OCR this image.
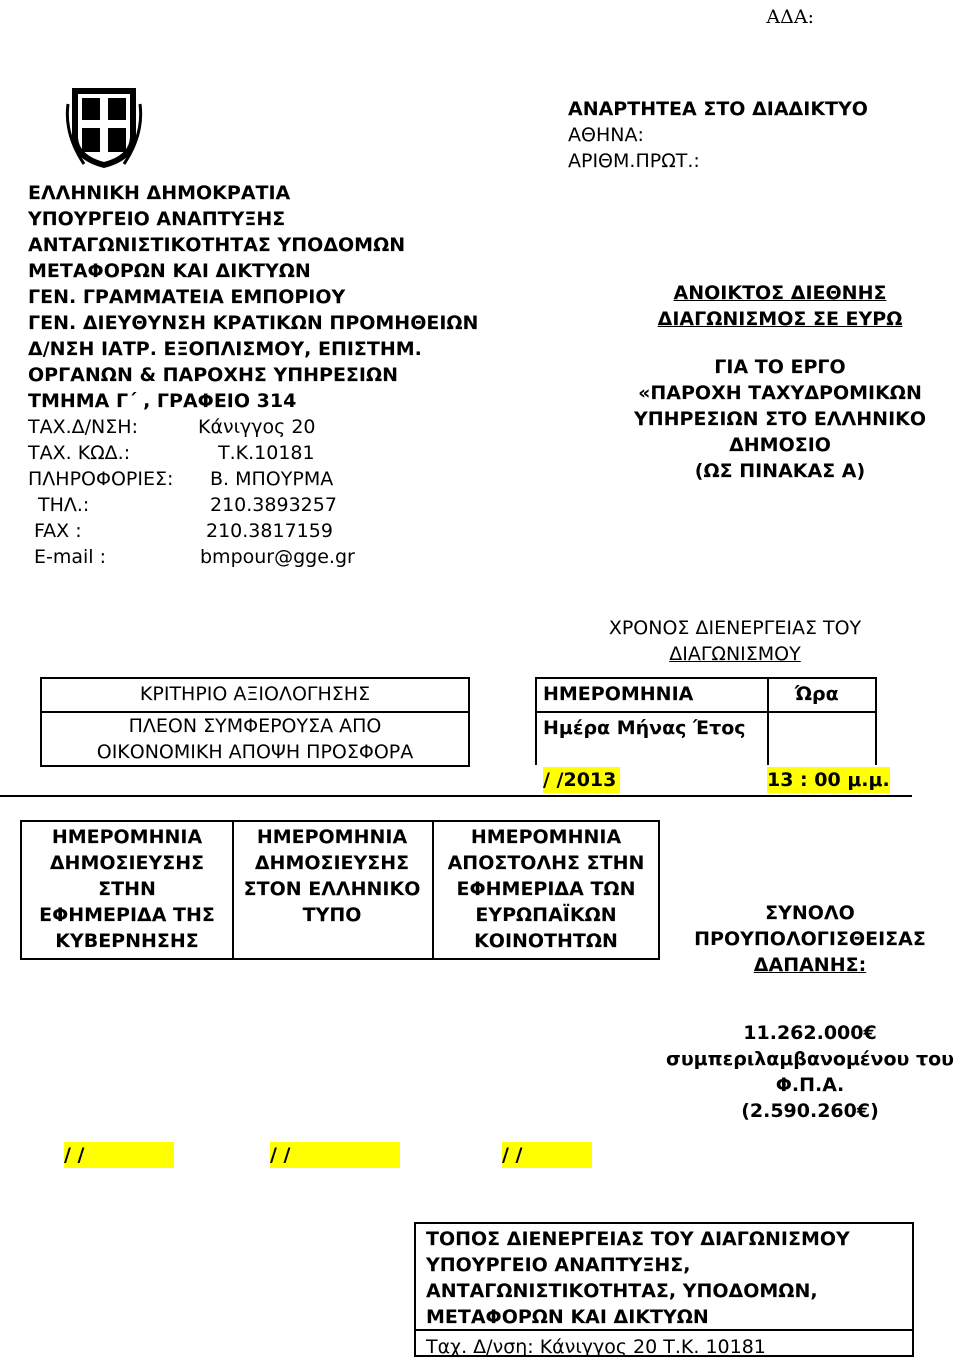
ΑΔΑ:
ΕΛΛΗΝΙΚΗ ΔΗΜΟΚΡΑΤΙΑ
ΥΠΟΥΡΓΕΙΟ ΑΝΑΠΤΥΞΗΣ
ΑΝΤΑΓΩΝΙΣΤΙΚΟΤΗΤΑΣ ΥΠΟΔΟΜΩΝ
ΜΕΤΑΦΟΡΩΝ ΚΑΙ ΔΙΚΤΥΩΝ
ΓΕΝ. ΓΡΑΜΜΑΤΕΙΑ ΕΜΠΟΡΙΟΥ
ΓΕΝ. ΔΙΕΥΘΥΝΣΗ ΚΡΑΤΙΚΩΝ ΠΡΟΜΗΘΕΙΩΝ
Δ/ΝΣΗ ΙΑΤΡ. ΕΞΟΠΛΙΣΜΟΥ, ΕΠΙΣΤΗΜ.
ΟΡΓΑΝΩΝ & ΠΑΡΟΧΗΣ ΥΠΗΡΕΣΙΩΝ
ΤΜΗΜΑ Γ΄ , ΓΡΑΦΕΙΟ 314
ΤΑΧ.Δ/ΝΣΗ:	Κάνιγγος 20
ΤΑΧ. ΚΩΔ.:	Τ.Κ.10181
ΠΛΗΡΟΦΟΡΙΕΣ:	Β. ΜΠΟΥΡΜΑ
ΤΗΛ.:	210.3893257
FAX :	210.3817159
E-mail :	bmpour@gge.gr
ΑΝΑΡΤΗΤΕΑ ΣΤΟ ΔΙΑΔΙΚΤΥΟ
ΑΘΗΝΑ:
ΑΡΙΘΜ.ΠΡΩΤ.:
ΑΝΟΙΚΤΟΣ ΔΙΕΘΝΗΣ
ΔΙΑΓΩΝΙΣΜΟΣ ΣΕ ΕΥΡΩ
ΓΙΑ ΤΟ ΕΡΓΟ
«ΠΑΡΟΧΗ ΤΑΧΥΔΡΟΜΙΚΩΝ
ΥΠΗΡΕΣΙΩΝ ΣΤΟ ΕΛΛΗΝΙΚΟ
ΔΗΜΟΣΙΟ
(ΩΣ ΠΙΝΑΚΑΣ Α)
ΚΡΙΤΗΡΙΟ ΑΞΙΟΛΟΓΗΣΗΣ
ΠΛΕΟΝ ΣΥΜΦΕΡΟΥΣΑ ΑΠΟ
ΟΙΚΟΝΟΜΙΚΗ ΑΠΟΨΗ ΠΡΟΣΦΟΡΑ
ΧΡΟΝΟΣ ΔΙΕΝΕΡΓΕΙΑΣ ΤΟΥ
ΔΙΑΓΩΝΙΣΜΟΥ
ΗΜΕΡΟΜΗΝΙΑ	Ώρα
Ημέρα Μήνας Έτος
/ /2013	13 : 00 μ.μ.
ΗΜΕΡΟΜΗΝΙΑ
ΔΗΜΟΣΙΕΥΣΗΣ
ΣΤΗΝ
ΕΦΗΜΕΡΙΔΑ ΤΗΣ
ΚΥΒΕΡΝΗΣΗΣ
ΗΜΕΡΟΜΗΝΙΑ
ΔΗΜΟΣΙΕΥΣΗΣ
ΣΤΟΝ ΕΛΛΗΝΙΚΟ
ΤΥΠΟ
ΗΜΕΡΟΜΗΝΙΑ
ΑΠΟΣΤΟΛΗΣ ΣΤΗΝ
ΕΦΗΜΕΡΙΔΑ ΤΩΝ
ΕΥΡΩΠΑΪΚΩΝ
ΚΟΙΝΟΤΗΤΩΝ
ΣΥΝΟΛΟ
ΠΡΟΥΠΟΛΟΓΙΣΘΕΙΣΑΣ
ΔΑΠΑΝΗΣ:
11.262.000€
συμπεριλαμβανομένου του
Φ.Π.Α.
(2.590.260€)
/ /	/ /	/ /
ΤΟΠΟΣ ΔΙΕΝΕΡΓΕΙΑΣ ΤΟΥ ΔΙΑΓΩΝΙΣΜΟΥ
ΥΠΟΥΡΓΕΙΟ ΑΝΑΠΤΥΞΗΣ,
ΑΝΤΑΓΩΝΙΣΤΙΚΟΤΗΤΑΣ, ΥΠΟΔΟΜΩΝ,
ΜΕΤΑΦΟΡΩΝ ΚΑΙ ΔΙΚΤΥΩΝ
Ταχ. Δ/νση: Κάνιγγος 20 Τ.Κ. 10181
